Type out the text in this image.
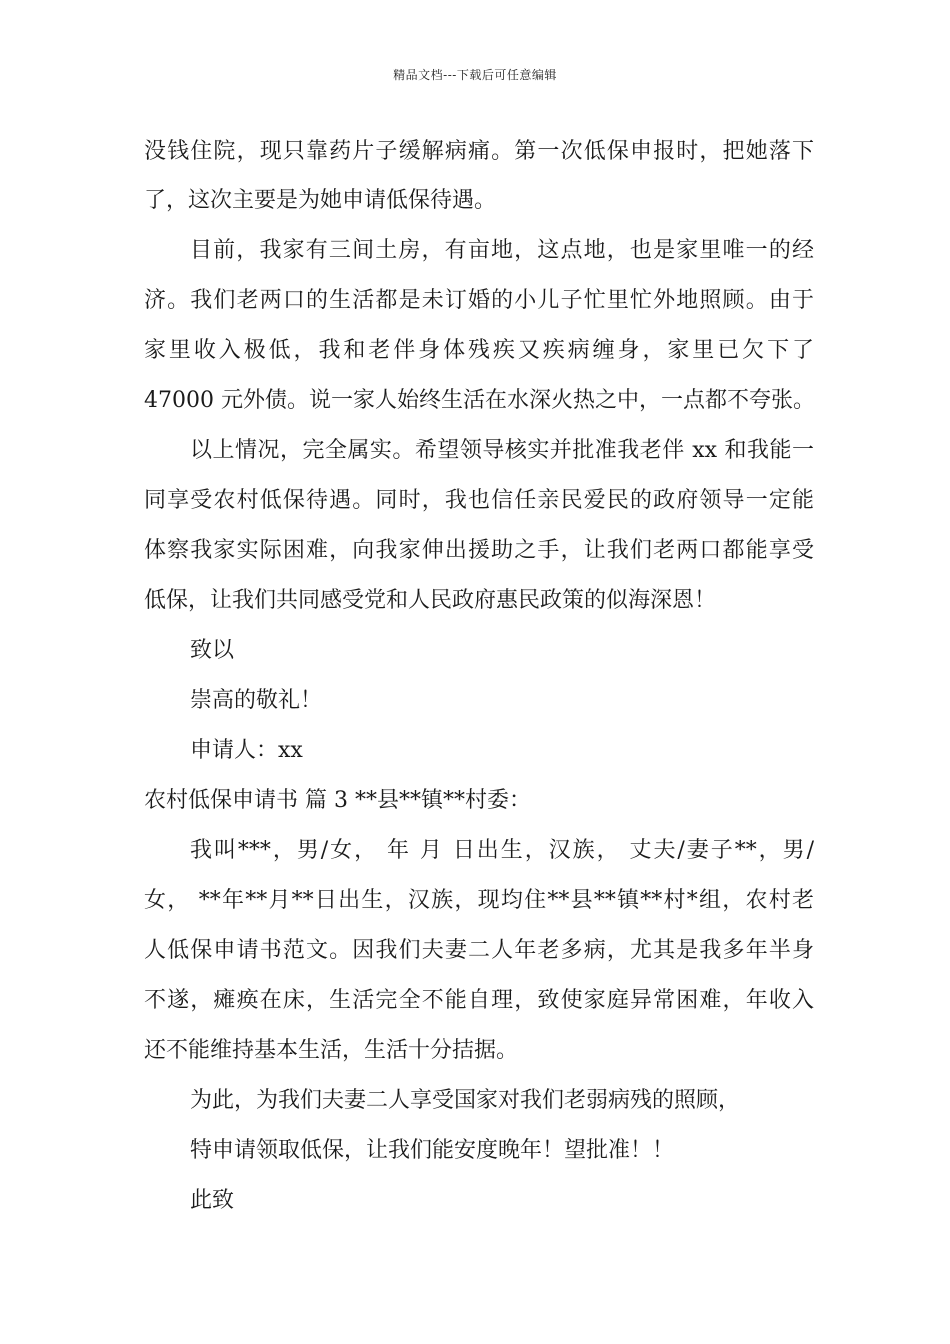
精品文档---下载后可任意编辑
没钱住院，现只靠药片子缓解病痛。第一次低保申报时，把她落下
了，这次主要是为她申请低保待遇。
目前，我家有三间土房，有亩地，这点地，也是家里唯一的经
济。我们老两口的生活都是未订婚的小儿子忙里忙外地照顾。由于
家里收入极低，我和老伴身体残疾又疾病缠身，家里已欠下了
47000 元外债。说一家人始终生活在水深火热之中，一点都不夸张。
以上情况，完全属实。希望领导核实并批准我老伴 xx 和我能一
同享受农村低保待遇。同时，我也信任亲民爱民的政府领导一定能
体察我家实际困难，向我家伸出援助之手，让我们老两口都能享受
低保，让我们共同感受党和人民政府惠民政策的似海深恩！
致以
崇高的敬礼！
申请人：xx
农村低保申请书 篇 3 **县**镇**村委：
我叫***，男/女， 年 月 日出生，汉族， 丈夫/妻子**，男/
女， **年**月**日出生，汉族，现均住**县**镇**村*组，农村老
人低保申请书范文。因我们夫妻二人年老多病，尤其是我多年半身
不遂，瘫痪在床，生活完全不能自理，致使家庭异常困难，年收入
还不能维持基本生活，生活十分拮据。
为此，为我们夫妻二人享受国家对我们老弱病残的照顾，
特申请领取低保，让我们能安度晚年！望批准！！
此致
